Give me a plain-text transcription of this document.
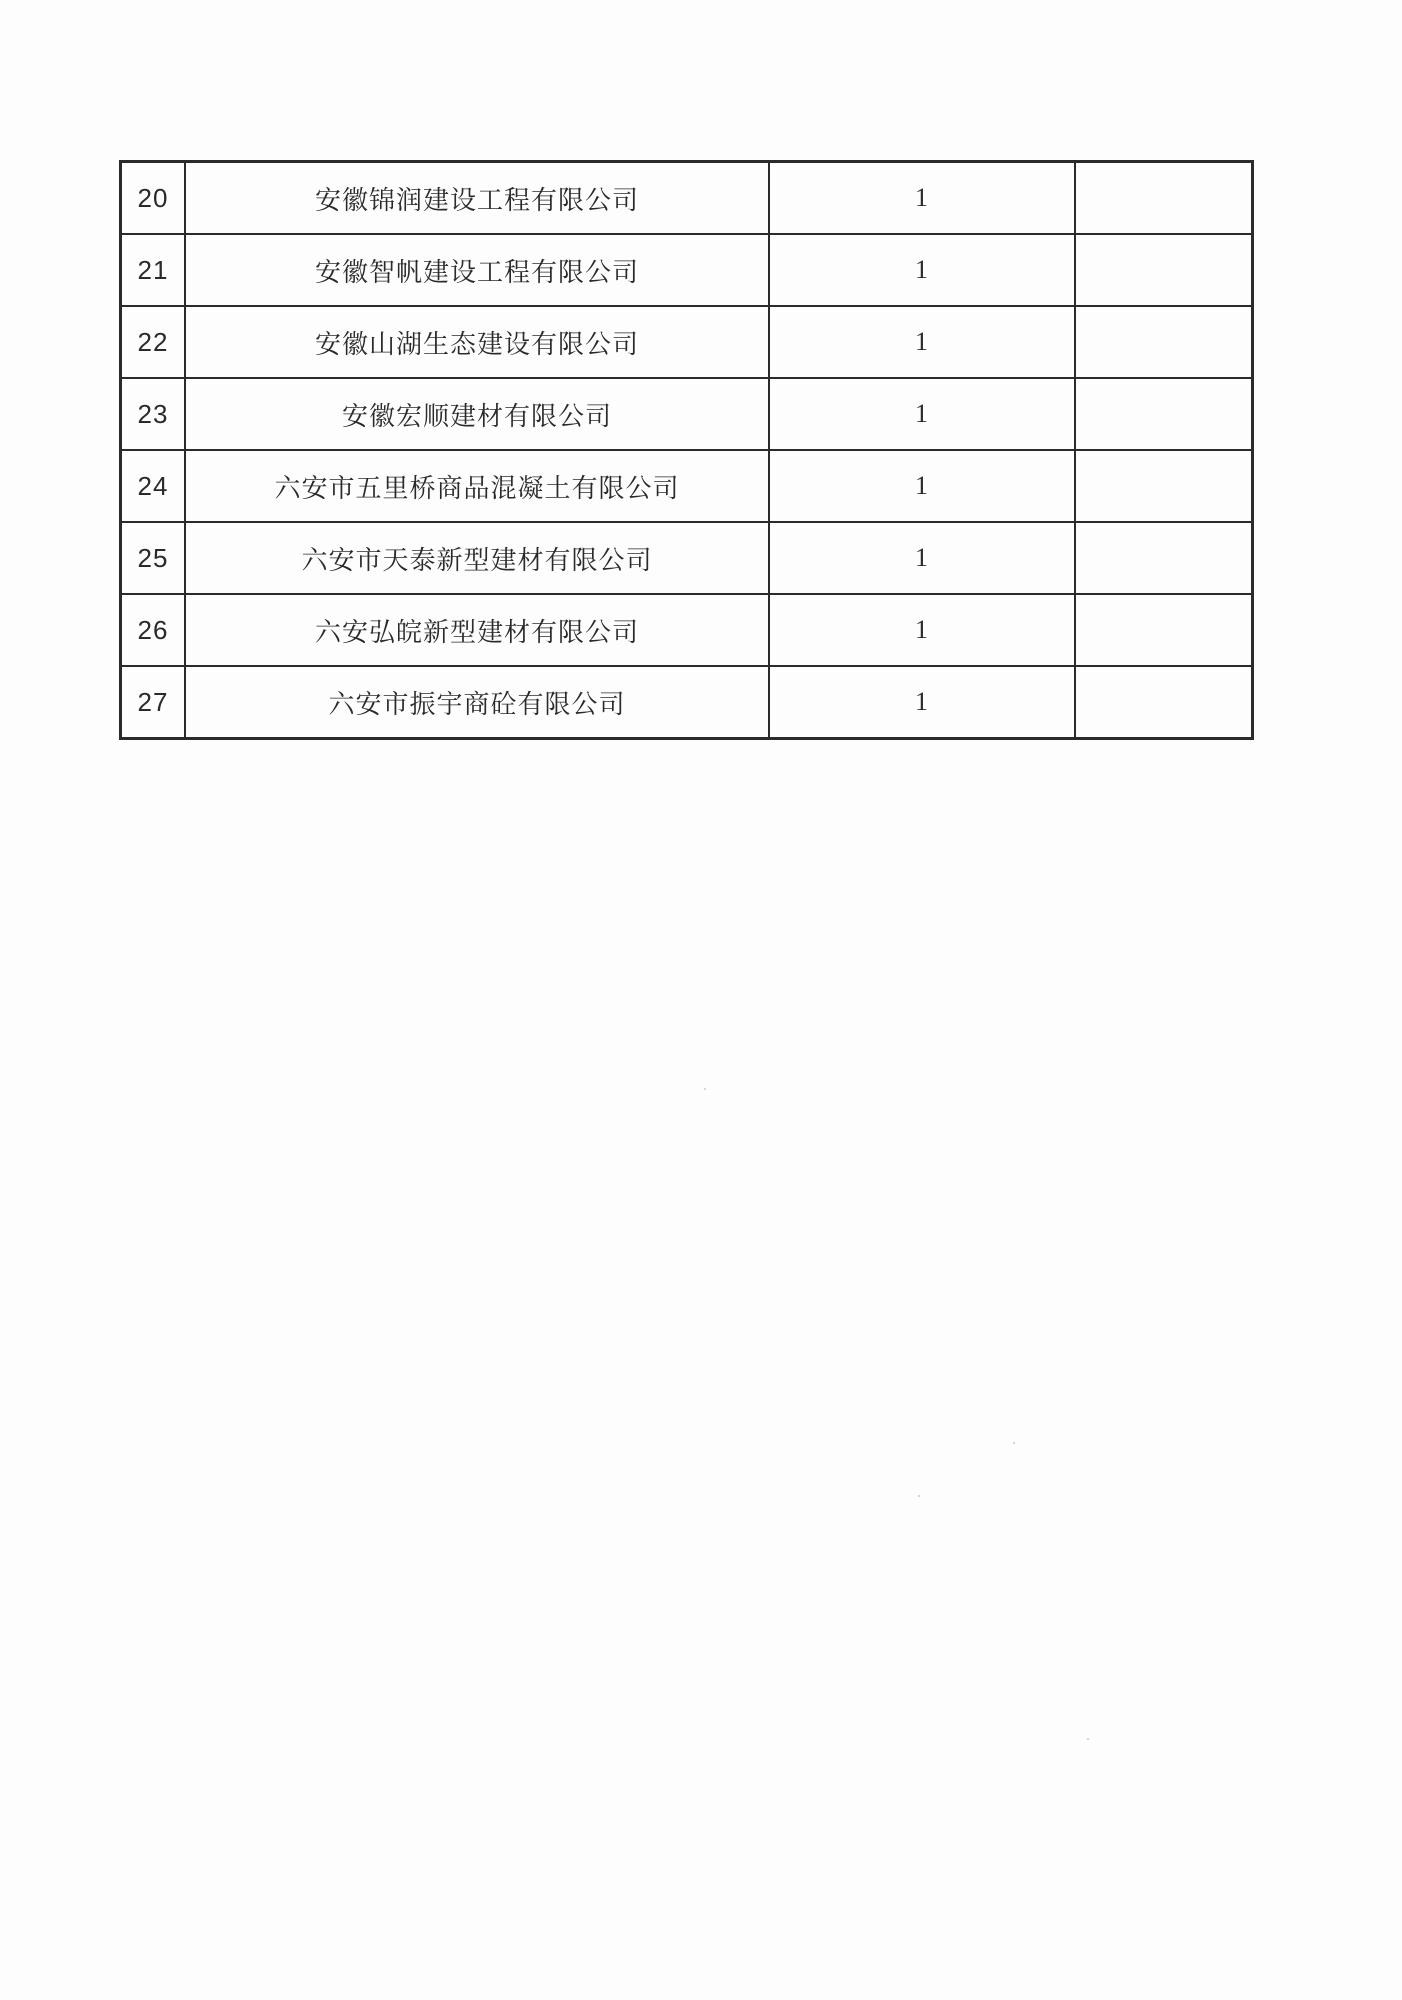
20	安徽锦润建设工程有限公司	1	
21	安徽智帆建设工程有限公司	1	
22	安徽山湖生态建设有限公司	1	
23	安徽宏顺建材有限公司	1	
24	六安市五里桥商品混凝土有限公司	1	
25	六安市天泰新型建材有限公司	1	
26	六安弘皖新型建材有限公司	1	
27	六安市振宇商砼有限公司	1	
